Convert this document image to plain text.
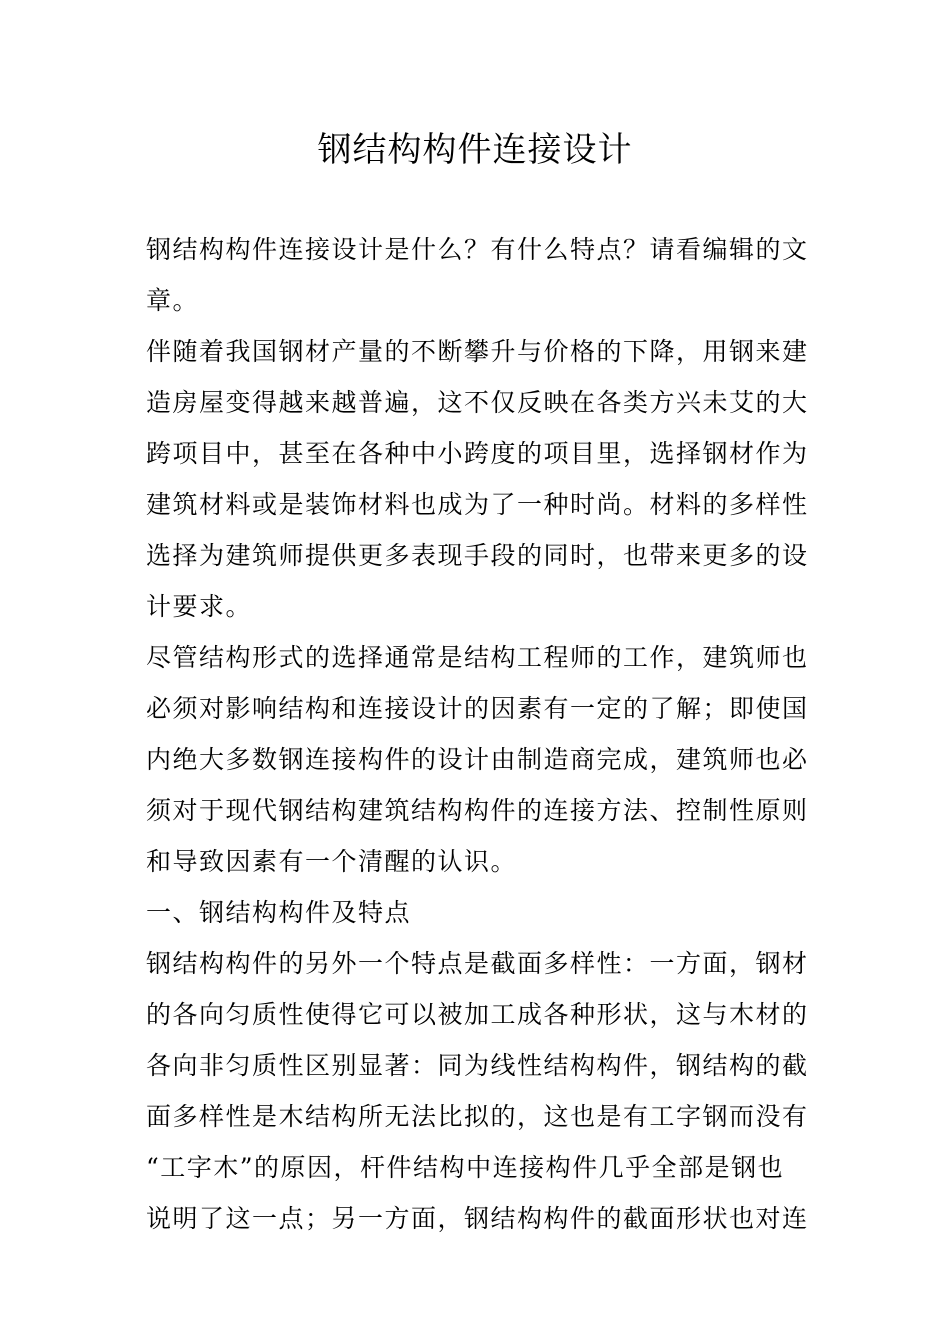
钢结构构件连接设计
钢结构构件连接设计是什么？有什么特点？请看编辑的文
章。
伴随着我国钢材产量的不断攀升与价格的下降，用钢来建
造房屋变得越来越普遍，这不仅反映在各类方兴未艾的大
跨项目中，甚至在各种中小跨度的项目里，选择钢材作为
建筑材料或是装饰材料也成为了一种时尚。材料的多样性
选择为建筑师提供更多表现手段的同时，也带来更多的设
计要求。
尽管结构形式的选择通常是结构工程师的工作，建筑师也
必须对影响结构和连接设计的因素有一定的了解；即使国
内绝大多数钢连接构件的设计由制造商完成，建筑师也必
须对于现代钢结构建筑结构构件的连接方法、控制性原则
和导致因素有一个清醒的认识。
一、钢结构构件及特点
钢结构构件的另外一个特点是截面多样性：一方面，钢材
的各向匀质性使得它可以被加工成各种形状，这与木材的
各向非匀质性区别显著：同为线性结构构件，钢结构的截
面多样性是木结构所无法比拟的，这也是有工字钢而没有
“工字木”的原因，杆件结构中连接构件几乎全部是钢也
说明了这一点；另一方面，钢结构构件的截面形状也对连
